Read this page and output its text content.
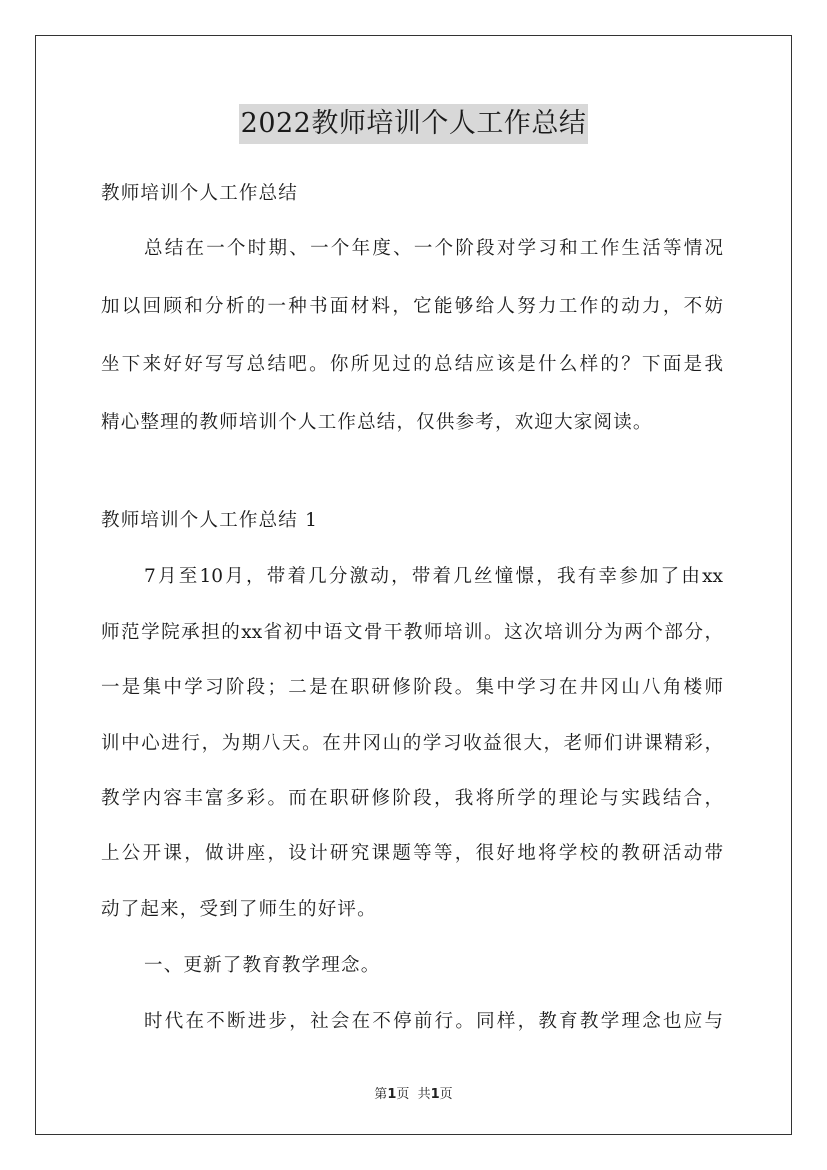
2022教师培训个人工作总结
教师培训个人工作总结
总结在一个时期、一个年度、一个阶段对学习和工作生活等情况
加以回顾和分析的一种书面材料，它能够给人努力工作的动力，不妨
坐下来好好写写总结吧。你所见过的总结应该是什么样的？下面是我
精心整理的教师培训个人工作总结，仅供参考，欢迎大家阅读。
教师培训个人工作总结 1
7月至10月，带着几分激动，带着几丝憧憬，我有幸参加了由xx
师范学院承担的xx省初中语文骨干教师培训。这次培训分为两个部分，
一是集中学习阶段；二是在职研修阶段。集中学习在井冈山八角楼师
训中心进行，为期八天。在井冈山的学习收益很大，老师们讲课精彩，
教学内容丰富多彩。而在职研修阶段，我将所学的理论与实践结合，
上公开课，做讲座，设计研究课题等等，很好地将学校的教研活动带
动了起来，受到了师生的好评。
一、更新了教育教学理念。
时代在不断进步，社会在不停前行。同样，教育教学理念也应与
第1页  共1页
